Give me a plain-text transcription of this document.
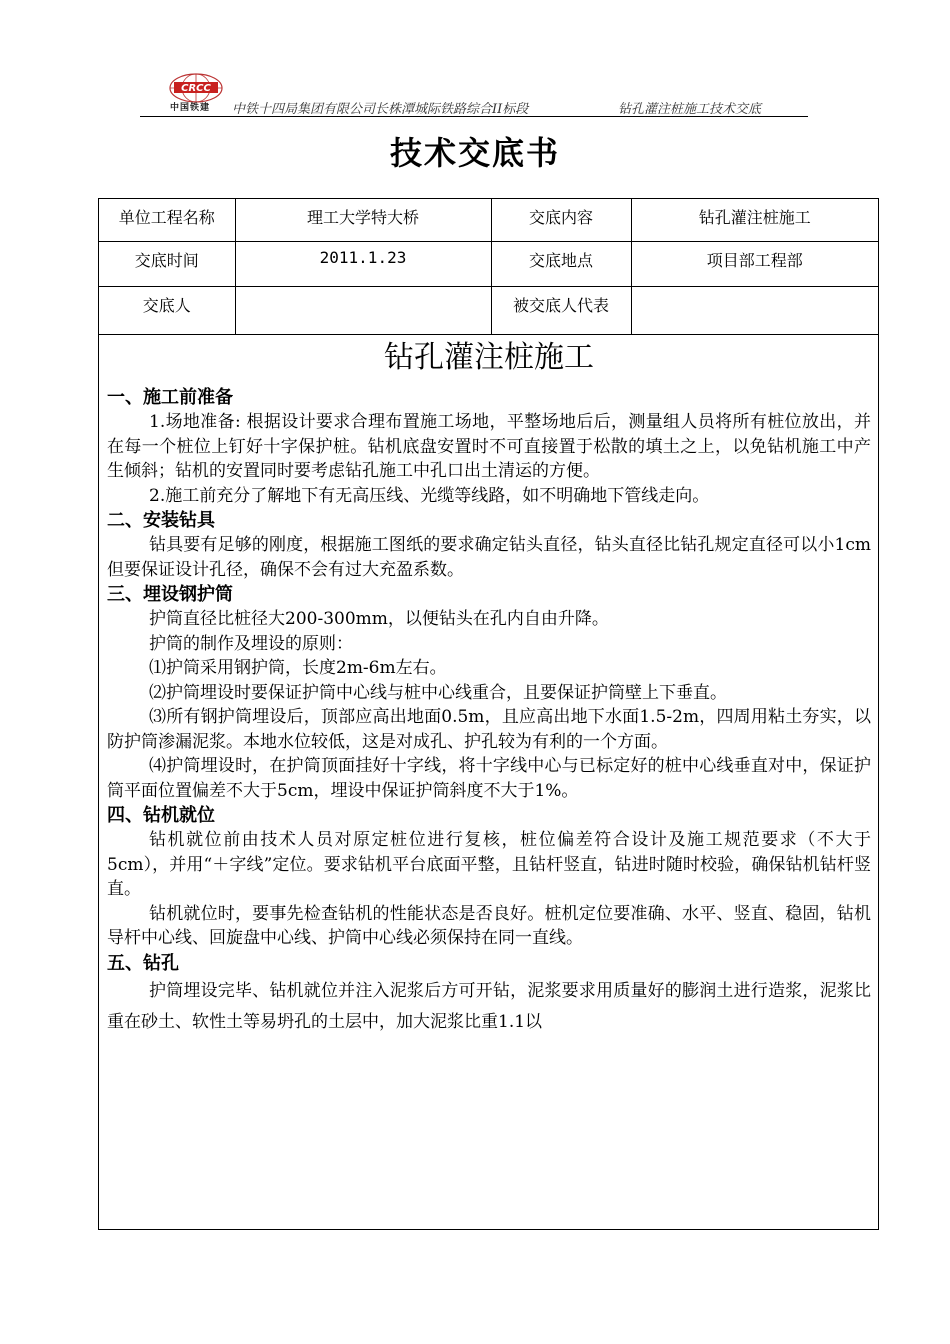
CRCC
中国铁建 中铁十四局集团有限公司长株潭城际铁路综合II标段	钻孔灌注桩施工技术交底
技术交底书
单位工程名称	理工大学特大桥	交底内容	钻孔灌注桩施工
交底时间	2011.1.23	交底地点	项目部工程部
交底人		被交底人代表	
钻孔灌注桩施工
一、施工前准备

1.场地准备: 根据设计要求合理布置施工场地，平整场地后后，测量组人员将所有桩位放出，并在每一个桩位上钉好十字保护桩。钻机底盘安置时不可直接置于松散的填土之上，以免钻机施工中产生倾斜；钻机的安置同时要考虑钻孔施工中孔口出土清运的方便。

2.施工前充分了解地下有无高压线、光缆等线路，如不明确地下管线走向。

二、安装钻具

钻具要有足够的刚度，根据施工图纸的要求确定钻头直径，钻头直径比钻孔规定直径可以小1cm但要保证设计孔径，确保不会有过大充盈系数。

三、埋设钢护筒

护筒直径比桩径大200-300mm，以便钻头在孔内自由升降。

护筒的制作及埋设的原则：

⑴护筒采用钢护筒，长度2m-6m左右。

⑵护筒埋设时要保证护筒中心线与桩中心线重合，且要保证护筒壁上下垂直。

⑶所有钢护筒埋设后，顶部应高出地面0.5m，且应高出地下水面1.5-2m，四周用粘土夯实，以防护筒渗漏泥浆。本地水位较低，这是对成孔、护孔较为有利的一个方面。

⑷护筒埋设时，在护筒顶面挂好十字线，将十字线中心与已标定好的桩中心线垂直对中，保证护筒平面位置偏差不大于5cm，埋设中保证护筒斜度不大于1%。

四、钻机就位

钻机就位前由技术人员对原定桩位进行复核，桩位偏差符合设计及施工规范要求（不大于5cm），并用“＋字线”定位。要求钻机平台底面平整，且钻杆竖直，钻进时随时校验，确保钻机钻杆竖直。

钻机就位时，要事先检查钻机的性能状态是否良好。桩机定位要准确、水平、竖直、稳固，钻机导杆中心线、回旋盘中心线、护筒中心线必须保持在同一直线。

五、钻孔

护筒埋设完毕、钻机就位并注入泥浆后方可开钻，泥浆要求用质量好的膨润土进行造浆，泥浆比重在砂土、软性土等易坍孔的土层中，加大泥浆比重1.1以
